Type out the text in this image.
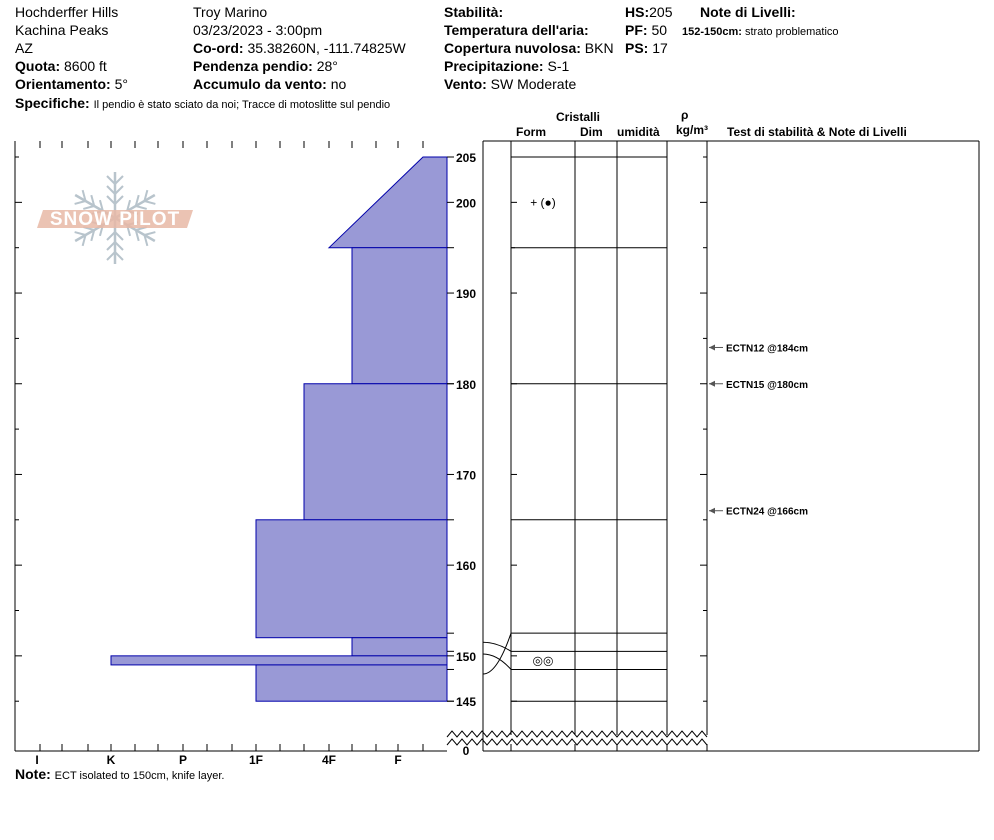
Hochderffer Hills
Kachina Peaks
AZ
Quota: 8600 ft
Orientamento: 5°
Specifiche: Il pendio è stato sciato da noi; Tracce di motoslitte sul pendio
Troy Marino
03/23/2023 - 3:00pm
Co-ord: 35.38260N, -111.74825W
Pendenza pendio: 28°
Accumulo da vento: no
Stabilità:
Temperatura dell'aria:
Copertura nuvolosa: BKN
Precipitazione: S-1
Vento: SW Moderate
HS:205
PF: 50
PS: 17
Note di Livelli:
152-150cm: strato problematico
Cristalli
Form	Dim umidità
ρ
kg/m³ Test di stabilità & Note di Livelli
I	K	P	1F	4F	F
SNOW PILOT
205
200
190
180
170
160
150
145
0
+ (●)
◎◎
ECTN12 @184cm
ECTN15 @180cm
ECTN24 @166cm
Note: ECT isolated to 150cm, knife layer.
